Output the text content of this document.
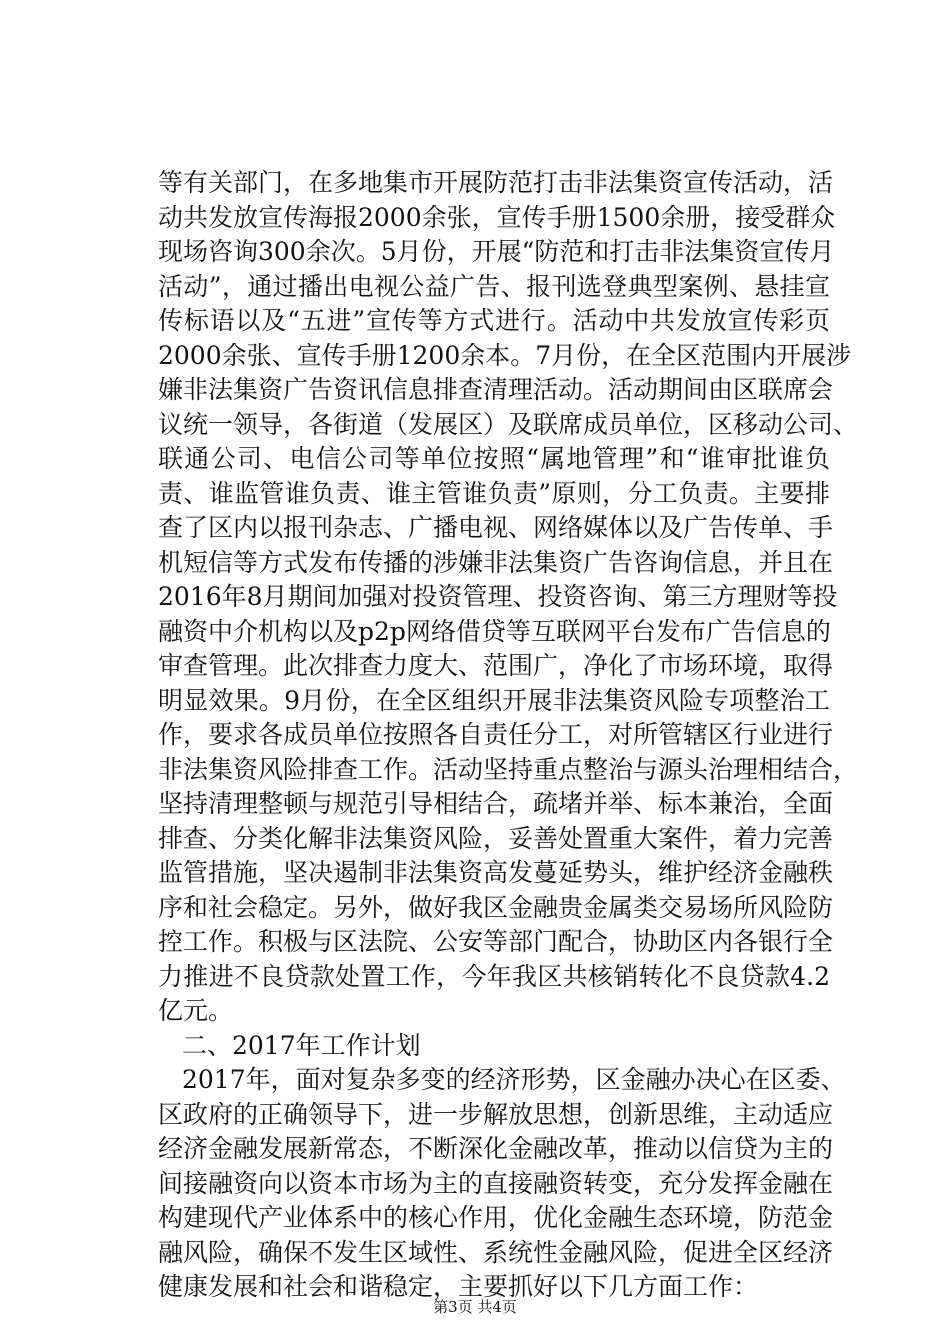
等有关部门，在多地集市开展防范打击非法集资宣传活动，活
动共发放宣传海报2000余张，宣传手册1500余册，接受群众
现场咨询300余次。5月份，开展“防范和打击非法集资宣传月
活动”，通过播出电视公益广告、报刊选登典型案例、悬挂宣
传标语以及“五进”宣传等方式进行。活动中共发放宣传彩页
2000余张、宣传手册1200余本。7月份，在全区范围内开展涉
嫌非法集资广告资讯信息排查清理活动。活动期间由区联席会
议统一领导，各街道（发展区）及联席成员单位，区移动公司、
联通公司、电信公司等单位按照“属地管理”和“谁审批谁负
责、谁监管谁负责、谁主管谁负责”原则，分工负责。主要排
查了区内以报刊杂志、广播电视、网络媒体以及广告传单、手
机短信等方式发布传播的涉嫌非法集资广告咨询信息，并且在
2016年8月期间加强对投资管理、投资咨询、第三方理财等投
融资中介机构以及p2p网络借贷等互联网平台发布广告信息的
审查管理。此次排查力度大、范围广，净化了市场环境，取得
明显效果。9月份，在全区组织开展非法集资风险专项整治工
作，要求各成员单位按照各自责任分工，对所管辖区行业进行
非法集资风险排查工作。活动坚持重点整治与源头治理相结合，
坚持清理整顿与规范引导相结合，疏堵并举、标本兼治，全面
排查、分类化解非法集资风险，妥善处置重大案件，着力完善
监管措施，坚决遏制非法集资高发蔓延势头，维护经济金融秩
序和社会稳定。另外，做好我区金融贵金属类交易场所风险防
控工作。积极与区法院、公安等部门配合，协助区内各银行全
力推进不良贷款处置工作，今年我区共核销转化不良贷款4.2
亿元。
二、2017年工作计划
2017年，面对复杂多变的经济形势，区金融办决心在区委、
区政府的正确领导下，进一步解放思想，创新思维，主动适应
经济金融发展新常态，不断深化金融改革，推动以信贷为主的
间接融资向以资本市场为主的直接融资转变，充分发挥金融在
构建现代产业体系中的核心作用，优化金融生态环境，防范金
融风险，确保不发生区域性、系统性金融风险，促进全区经济
健康发展和社会和谐稳定，主要抓好以下几方面工作：
第3页 共4页
